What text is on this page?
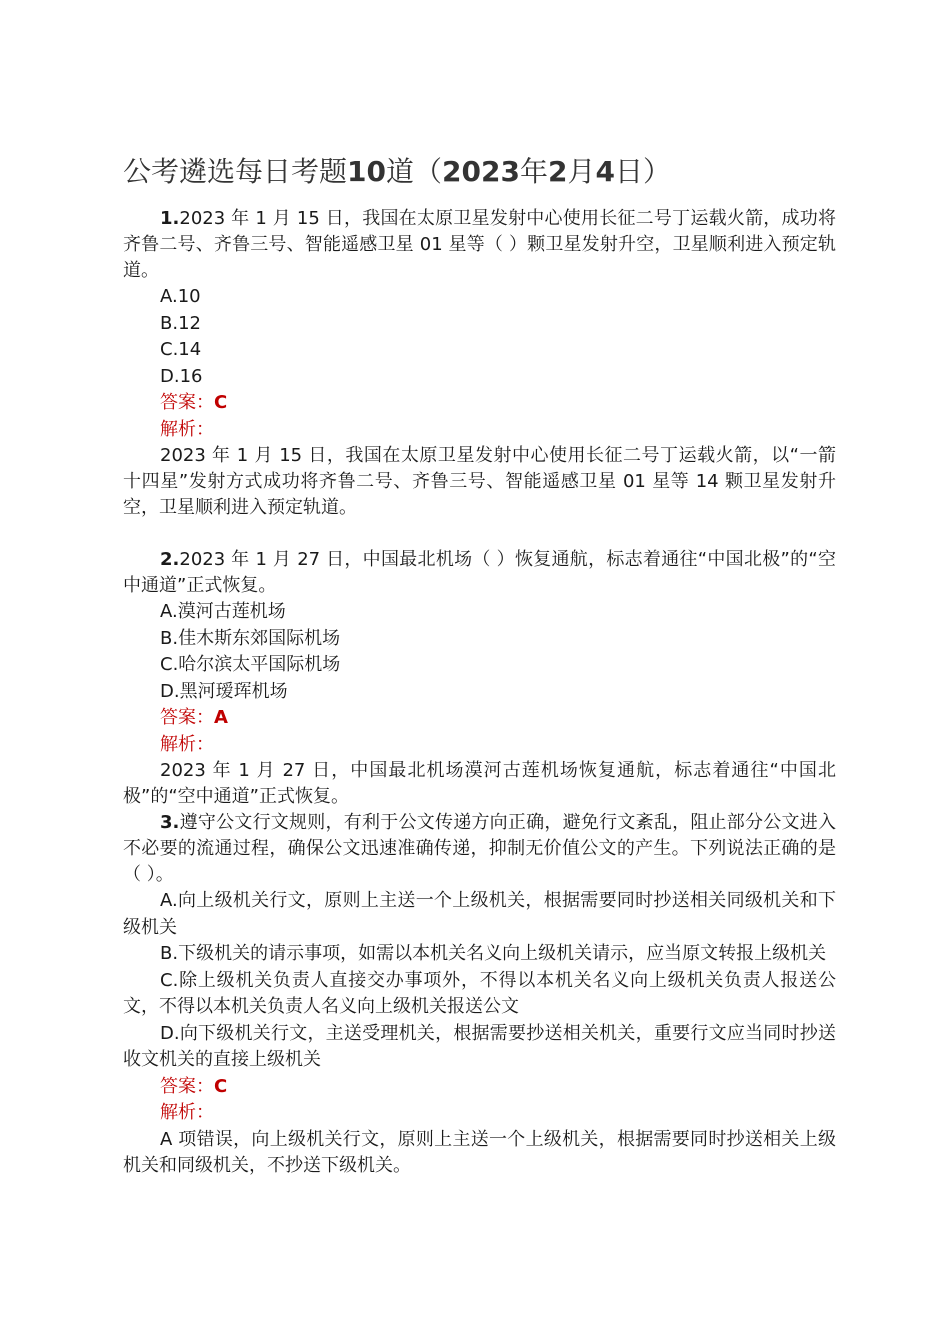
公考遴选每日考题10道（2023年2月4日）

1.2023 年 1 月 15 日，我国在太原卫星发射中心使用长征二号丁运载火箭，成功将齐鲁二号、齐鲁三号、智能遥感卫星 01 星等（ ）颗卫星发射升空，卫星顺利进入预定轨道。

A.10

B.12

C.14

D.16

答案：C

解析：

2023 年 1 月 15 日，我国在太原卫星发射中心使用长征二号丁运载火箭，以“一箭十四星”发射方式成功将齐鲁二号、齐鲁三号、智能遥感卫星 01 星等 14 颗卫星发射升空，卫星顺利进入预定轨道。

2.2023 年 1 月 27 日，中国最北机场（ ）恢复通航，标志着通往“中国北极”的“空中通道”正式恢复。

A.漠河古莲机场

B.佳木斯东郊国际机场

C.哈尔滨太平国际机场

D.黑河瑷珲机场

答案：A

解析：

2023 年 1 月 27 日，中国最北机场漠河古莲机场恢复通航，标志着通往“中国北极”的“空中通道”正式恢复。

3.遵守公文行文规则，有利于公文传递方向正确，避免行文紊乱，阻止部分公文进入不必要的流通过程，确保公文迅速准确传递，抑制无价值公文的产生。下列说法正确的是（ ）。

A.向上级机关行文，原则上主送一个上级机关，根据需要同时抄送相关同级机关和下级机关

B.下级机关的请示事项，如需以本机关名义向上级机关请示，应当原文转报上级机关

C.除上级机关负责人直接交办事项外，不得以本机关名义向上级机关负责人报送公文，不得以本机关负责人名义向上级机关报送公文

D.向下级机关行文，主送受理机关，根据需要抄送相关机关，重要行文应当同时抄送收文机关的直接上级机关

答案：C

解析：

A 项错误，向上级机关行文，原则上主送一个上级机关，根据需要同时抄送相关上级机关和同级机关，不抄送下级机关。
